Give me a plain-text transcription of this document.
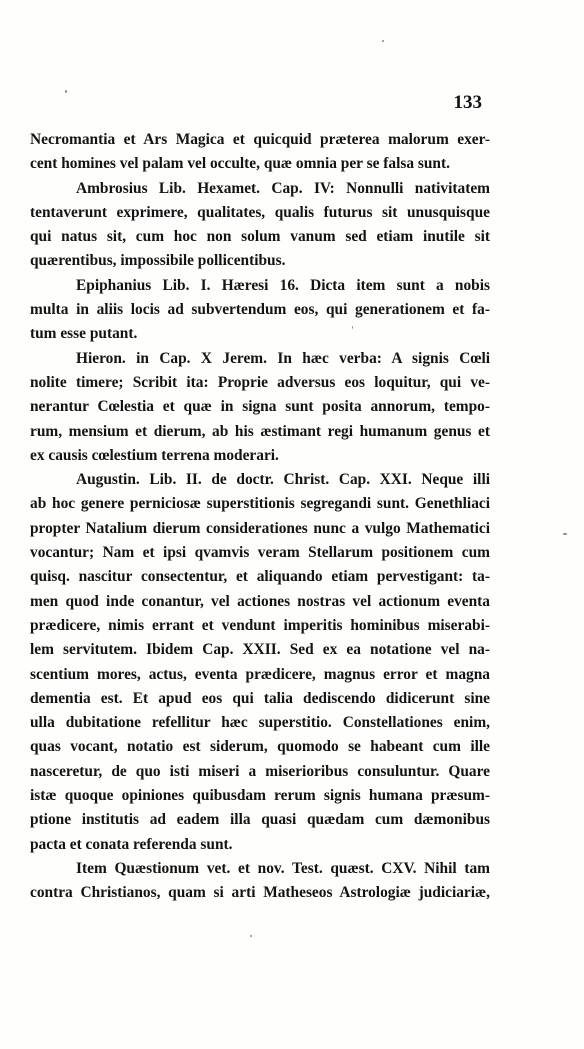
133
Necromantia et Ars Magica et quicquid præterea malorum exer-
cent homines vel palam vel occulte, quæ omnia per se falsa sunt.
Ambrosius Lib. Hexamet. Cap. IV: Nonnulli nativitatem
tentaverunt exprimere, qualitates, qualis futurus sit unusquisque
qui natus sit, cum hoc non solum vanum sed etiam inutile sit
quærentibus, impossibile pollicentibus.
Epiphanius Lib. I. Hæresi 16. Dicta item sunt a nobis
multa in aliis locis ad subvertendum eos, qui generationem et fa-
tum esse putant.
Hieron. in Cap. X Jerem. In hæc verba: A signis Cœli
nolite timere; Scribit ita: Proprie adversus eos loquitur, qui ve-
nerantur Cœlestia et quæ in signa sunt posita annorum, tempo-
rum, mensium et dierum, ab his æstimant regi humanum genus et
ex causis cœlestium terrena moderari.
Augustin. Lib. II. de doctr. Christ. Cap. XXI. Neque illi
ab hoc genere perniciosæ superstitionis segregandi sunt. Genethliaci
propter Natalium dierum considerationes nunc a vulgo Mathematici
vocantur; Nam et ipsi qvamvis veram Stellarum positionem cum
quisq. nascitur consectentur, et aliquando etiam pervestigant: ta-
men quod inde conantur, vel actiones nostras vel actionum eventa
prædicere, nimis errant et vendunt imperitis hominibus miserabi-
lem servitutem. Ibidem Cap. XXII. Sed ex ea notatione vel na-
scentium mores, actus, eventa prædicere, magnus error et magna
dementia est. Et apud eos qui talia dediscendo didicerunt sine
ulla dubitatione refellitur hæc superstitio. Constellationes enim,
quas vocant, notatio est siderum, quomodo se habeant cum ille
nasceretur, de quo isti miseri a miserioribus consuluntur. Quare
istæ quoque opiniones quibusdam rerum signis humana præsum-
ptione institutis ad eadem illa quasi quædam cum dæmonibus
pacta et conata referenda sunt.
Item Quæstionum vet. et nov. Test. quæst. CXV. Nihil tam
contra Christianos, quam si arti Matheseos Astrologiæ judiciariæ,
